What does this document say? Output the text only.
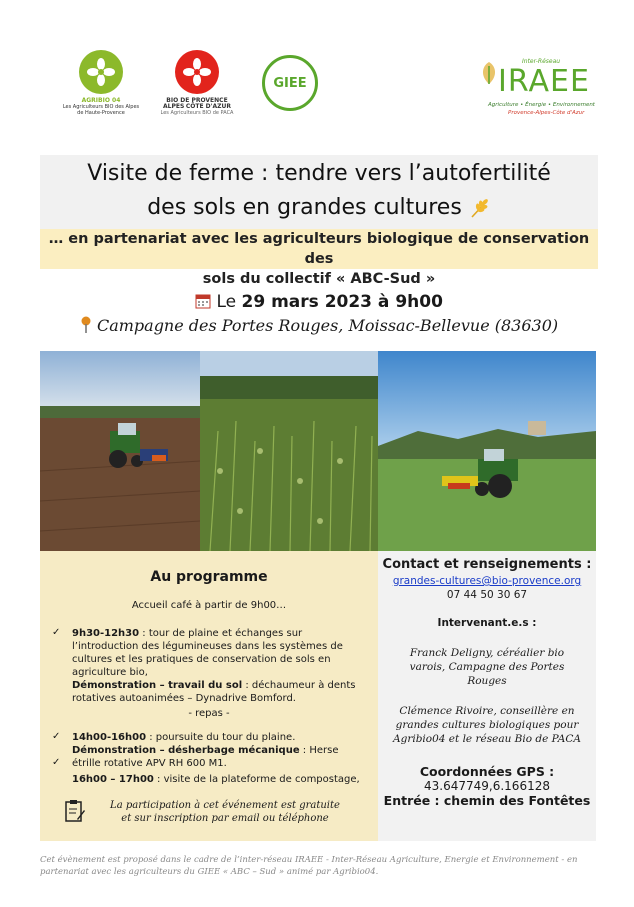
AGRIBIO 04
Les Agriculteurs BIO des Alpes de Haute-Provence
BIO DE PROVENCE
ALPES CÔTE D'AZUR
Les Agriculteurs BIO de PACA
GIEE
Inter-Réseau
IRAEE
Agriculture • Énergie • Environnement
Provence-Alpes-Côte d'Azur
Visite de ferme : tendre vers l’autofertilité
des sols en grandes cultures
… en partenariat avec les agriculteurs biologique de conservation des
sols du collectif « ABC-Sud »
Le 29 mars 2023 à 9h00
Campagne des Portes Rouges, Moissac-Bellevue (83630)
Au programme
Accueil café à partir de 9h00…
9h30-12h30 : tour de plaine et échanges sur l’introduction des légumineuses dans les systèmes de cultures et les pratiques de conservation de sols en agriculture bio,
Démonstration – travail du sol : déchaumeur à dents rotatives autoanimées – Dynadrive Bomford.
✓
- repas -
14h00-16h00 : poursuite du tour du plaine.
Démonstration – désherbage mécanique : Herse étrille rotative APV RH 600 M1.
✓
✓
16h00 – 17h00 : visite de la plateforme de compostage,
La participation à cet événement est gratuite
et sur inscription par email ou téléphone
Contact et renseignements :
grandes-cultures@bio-provence.org
07 44 50 30 67
Intervenant.e.s :
Franck Deligny, céréalier bio
varois, Campagne des Portes
Rouges
Clémence Rivoire, conseillère en
grandes cultures biologiques pour
Agribio04 et le réseau Bio de PACA
Coordonnées GPS :
43.647749,6.166128
Entrée : chemin des Fontêtes
Cet évènement est proposé dans le cadre de l’inter-réseau IRAEE - Inter-Réseau Agriculture, Energie et Environnement - en
partenariat avec les agriculteurs du GIEE « ABC – Sud » animé par Agribio04.
